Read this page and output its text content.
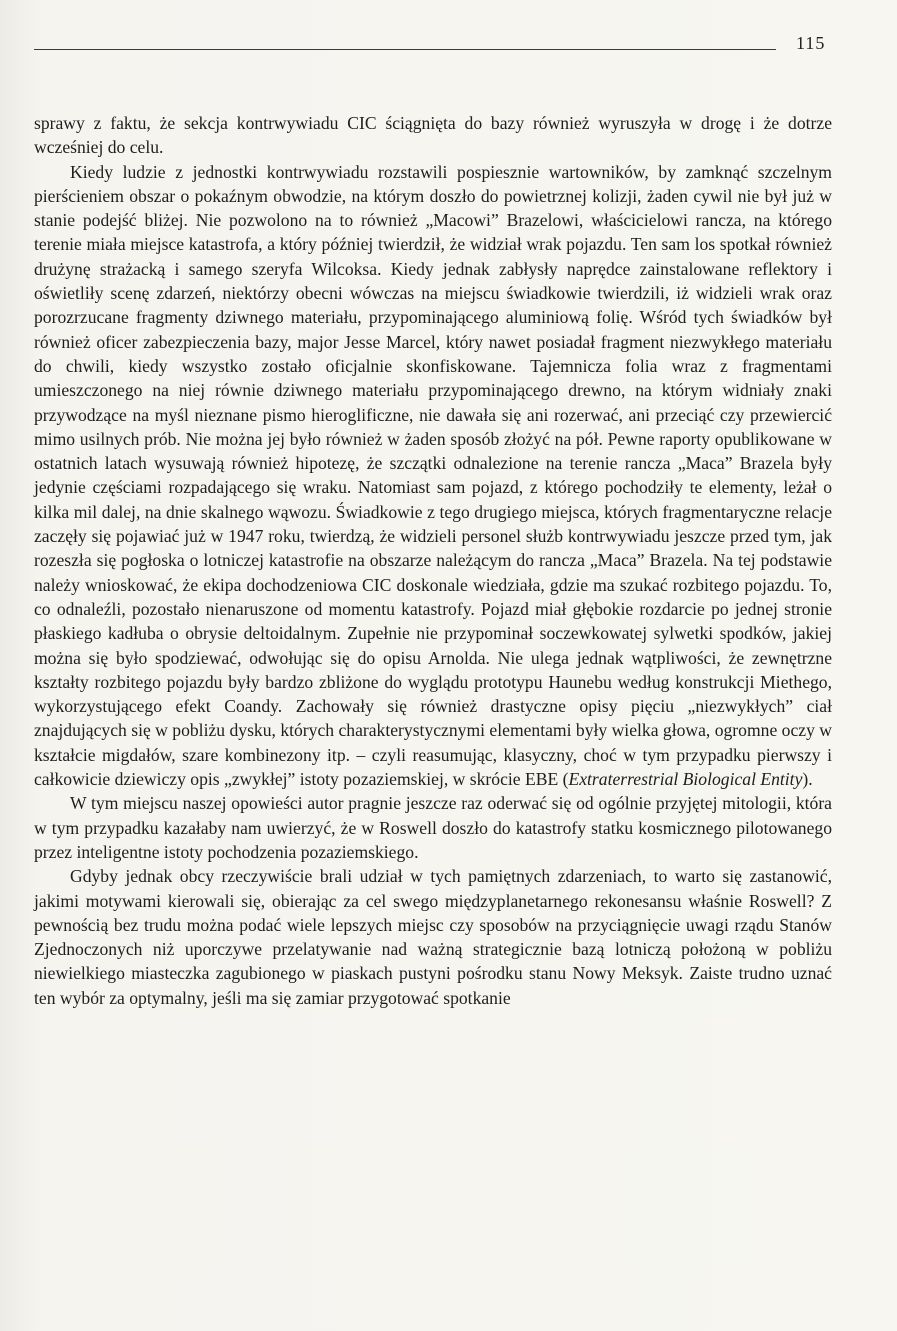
115

sprawy z faktu, że sekcja kontrwywiadu CIC ściągnięta do bazy również wyruszyła w drogę i że dotrze wcześniej do celu.

Kiedy ludzie z jednostki kontrwywiadu rozstawili pospiesznie wartowników, by zamknąć szczelnym pierścieniem obszar o pokaźnym obwodzie, na którym doszło do powietrznej kolizji, żaden cywil nie był już w stanie podejść bliżej. Nie pozwolono na to również „Macowi” Brazelowi, właścicielowi rancza, na którego terenie miała miejsce katastrofa, a który później twierdził, że widział wrak pojazdu. Ten sam los spotkał również drużynę strażacką i samego szeryfa Wilcoksa. Kiedy jednak zabłysły naprędce zainstalowane reflektory i oświetliły scenę zdarzeń, niektórzy obecni wówczas na miejscu świadkowie twierdzili, iż widzieli wrak oraz porozrzucane fragmenty dziwnego materiału, przypominającego aluminiową folię. Wśród tych świadków był również oficer zabezpieczenia bazy, major Jesse Marcel, który nawet posiadał fragment niezwykłego materiału do chwili, kiedy wszystko zostało oficjalnie skonfiskowane. Tajemnicza folia wraz z fragmentami umieszczonego na niej równie dziwnego materiału przypominającego drewno, na którym widniały znaki przywodzące na myśl nieznane pismo hieroglificzne, nie dawała się ani rozerwać, ani przeciąć czy przewiercić mimo usilnych prób. Nie można jej było również w żaden sposób złożyć na pół. Pewne raporty opublikowane w ostatnich latach wysuwają również hipotezę, że szczątki odnalezione na terenie rancza „Maca” Brazela były jedynie częściami rozpadającego się wraku. Natomiast sam pojazd, z którego pochodziły te elementy, leżał o kilka mil dalej, na dnie skalnego wąwozu. Świadkowie z tego drugiego miejsca, których fragmentaryczne relacje zaczęły się pojawiać już w 1947 roku, twierdzą, że widzieli personel służb kontrwywiadu jeszcze przed tym, jak rozeszła się pogłoska o lotniczej katastrofie na obszarze należącym do rancza „Maca” Brazela. Na tej podstawie należy wnioskować, że ekipa dochodzeniowa CIC doskonale wiedziała, gdzie ma szukać rozbitego pojazdu. To, co odnaleźli, pozostało nienaruszone od momentu katastrofy. Pojazd miał głębokie rozdarcie po jednej stronie płaskiego kadłuba o obrysie deltoidalnym. Zupełnie nie przypominał soczewkowatej sylwetki spodków, jakiej można się było spodziewać, odwołując się do opisu Arnolda. Nie ulega jednak wątpliwości, że zewnętrzne kształty rozbitego pojazdu były bardzo zbliżone do wyglądu prototypu Haunebu według konstrukcji Miethego, wykorzystującego efekt Coandy. Zachowały się również drastyczne opisy pięciu „niezwykłych” ciał znajdujących się w pobliżu dysku, których charakterystycznymi elementami były wielka głowa, ogromne oczy w kształcie migdałów, szare kombinezony itp. – czyli reasumując, klasyczny, choć w tym przypadku pierwszy i całkowicie dziewiczy opis „zwykłej” istoty pozaziemskiej, w skrócie EBE (Extraterrestrial Biological Entity).

W tym miejscu naszej opowieści autor pragnie jeszcze raz oderwać się od ogólnie przyjętej mitologii, która w tym przypadku kazałaby nam uwierzyć, że w Roswell doszło do katastrofy statku kosmicznego pilotowanego przez inteligentne istoty pochodzenia pozaziemskiego.

Gdyby jednak obcy rzeczywiście brali udział w tych pamiętnych zdarzeniach, to warto się zastanowić, jakimi motywami kierowali się, obierając za cel swego międzyplanetarnego rekonesansu właśnie Roswell? Z pewnością bez trudu można podać wiele lepszych miejsc czy sposobów na przyciągnięcie uwagi rządu Stanów Zjednoczonych niż uporczywe przelatywanie nad ważną strategicznie bazą lotniczą położoną w pobliżu niewielkiego miasteczka zagubionego w piaskach pustyni pośrodku stanu Nowy Meksyk. Zaiste trudno uznać ten wybór za optymalny, jeśli ma się zamiar przygotować spotkanie
